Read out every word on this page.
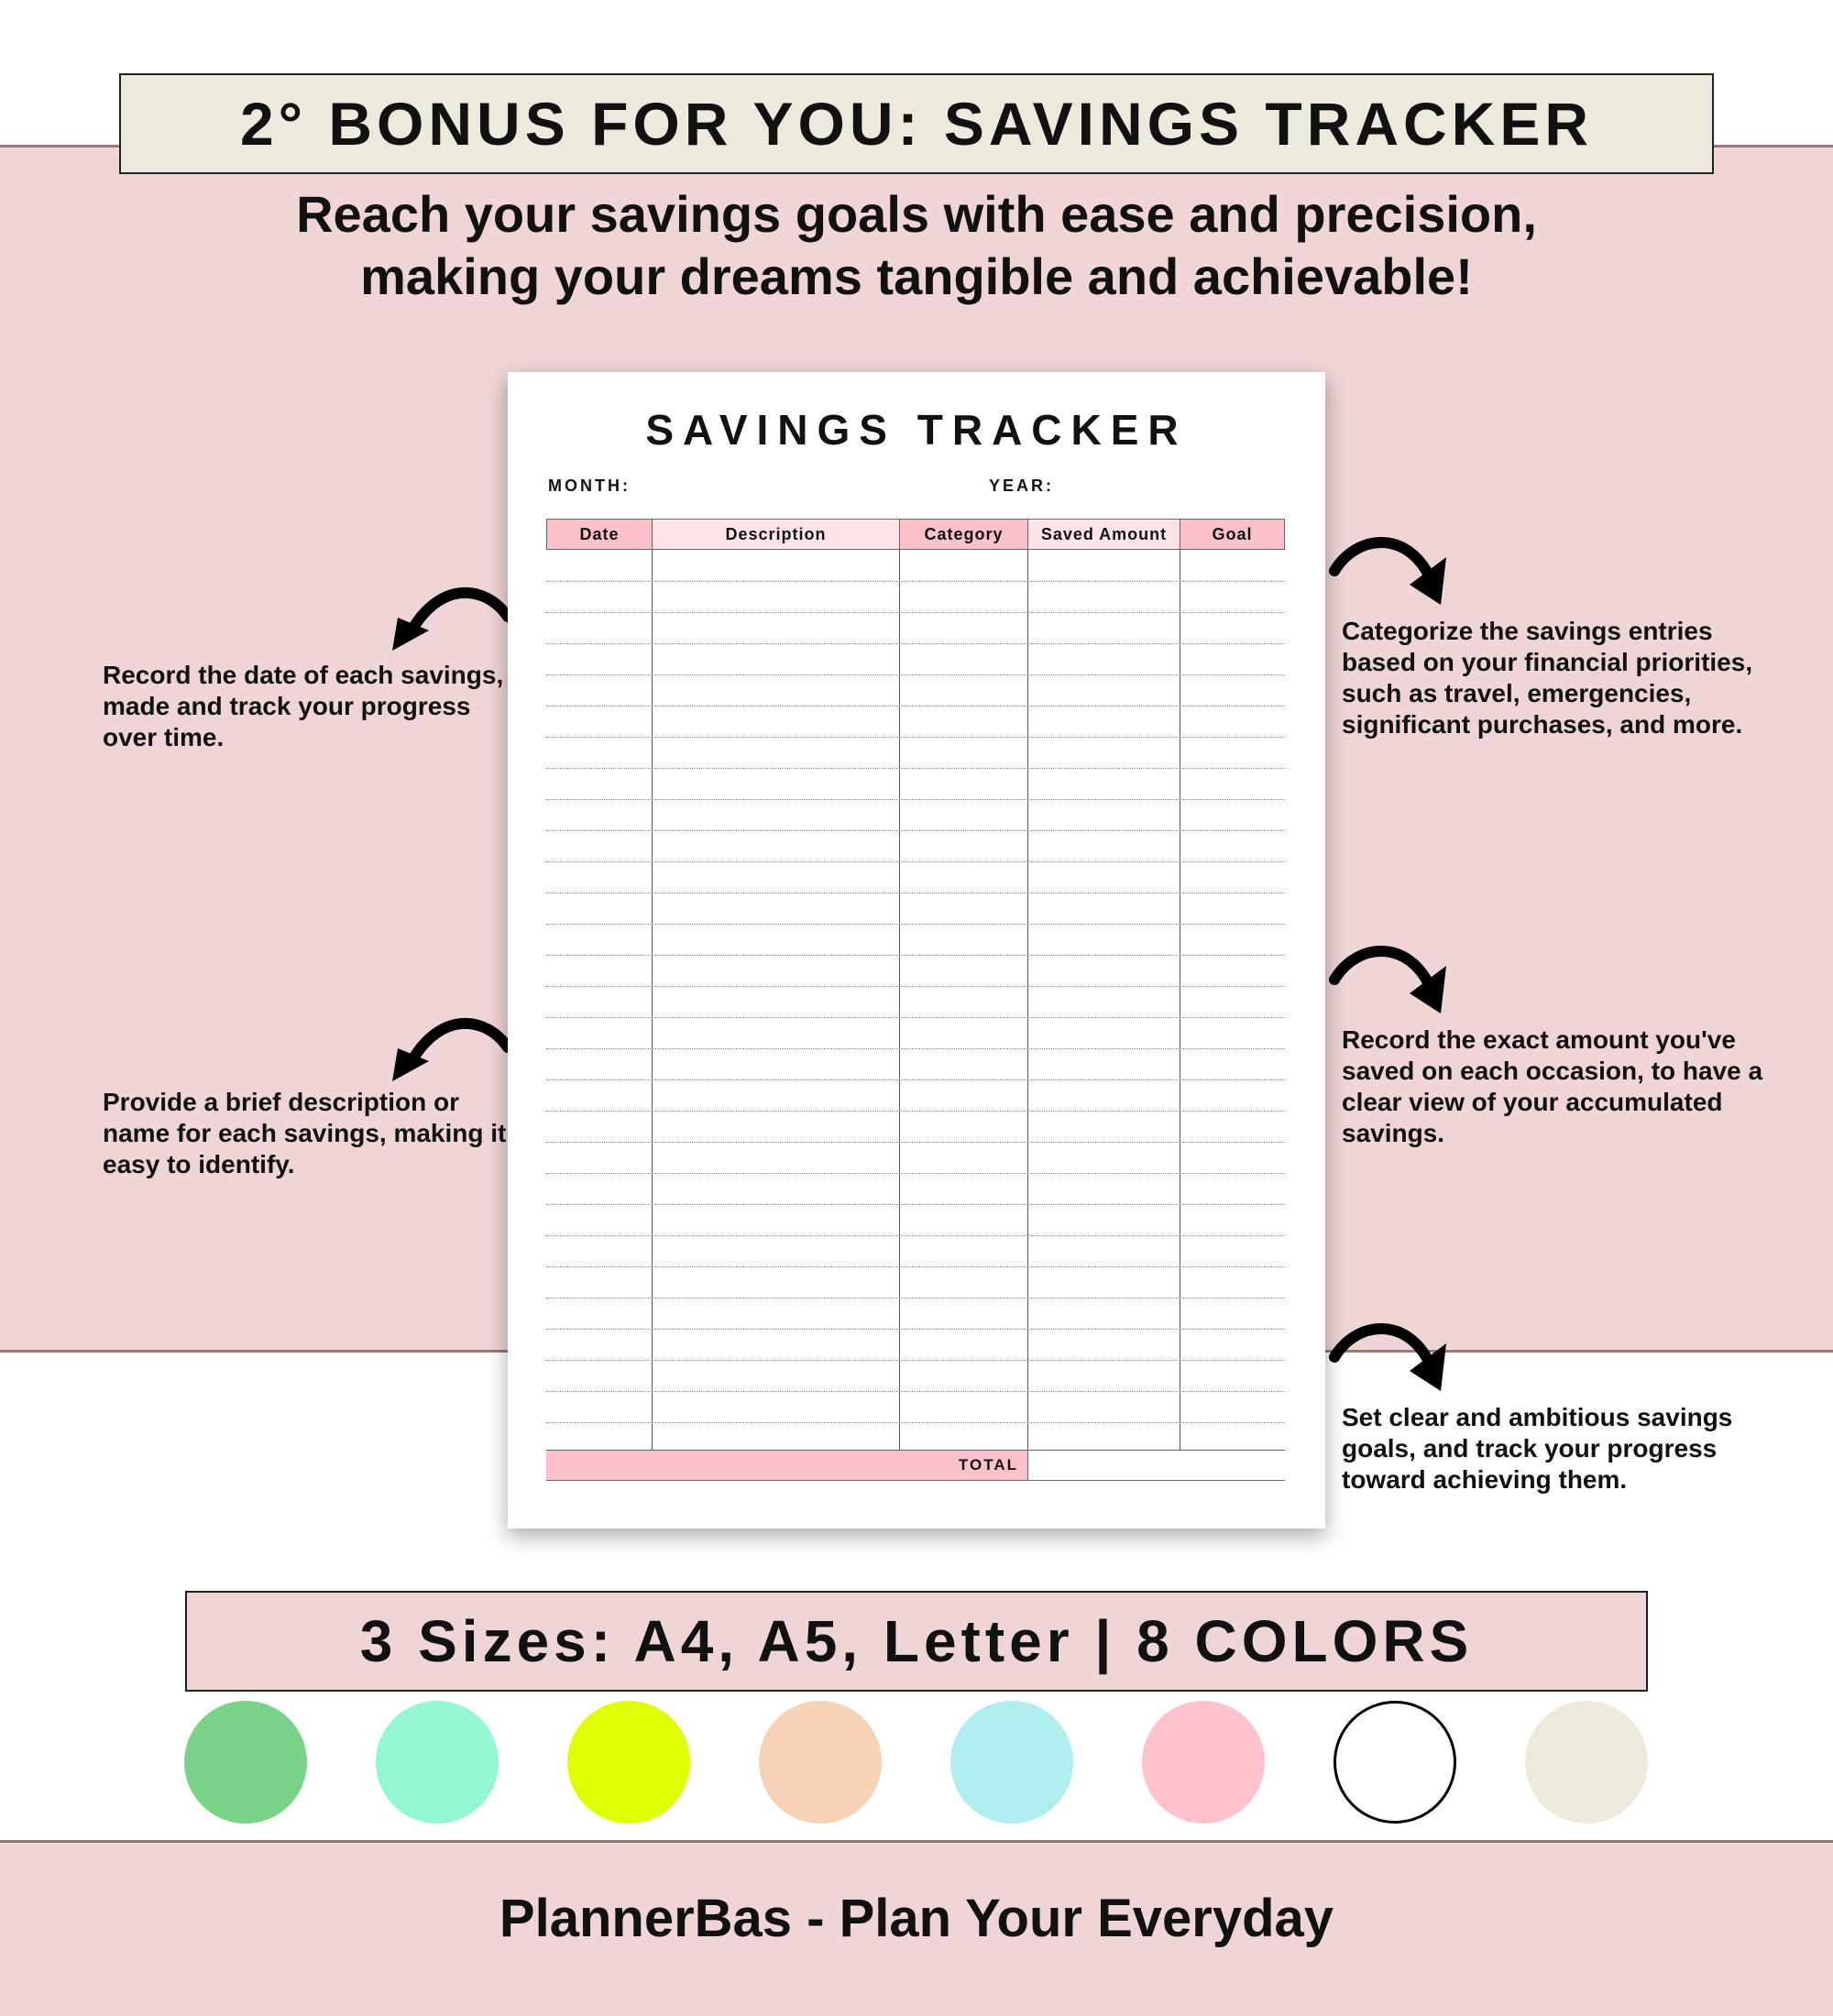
2° BONUS FOR YOU: SAVINGS TRACKER
Reach your savings goals with ease and precision,
making your dreams tangible and achievable!
SAVINGS TRACKER
MONTH:	YEAR:
Date	Description	Category	Saved Amount	Goal
TOTAL
Record the date of each savings, made and track your progress over time.
Provide a brief description or name for each savings, making it easy to identify.
Categorize the savings entries based on your financial priorities, such as travel, emergencies, significant purchases, and more.
Record the exact amount you've saved on each occasion, to have a clear view of your accumulated savings.
Set clear and ambitious savings goals, and track your progress toward achieving them.
3 Sizes: A4, A5, Letter | 8 COLORS
PlannerBas - Plan Your Everyday
